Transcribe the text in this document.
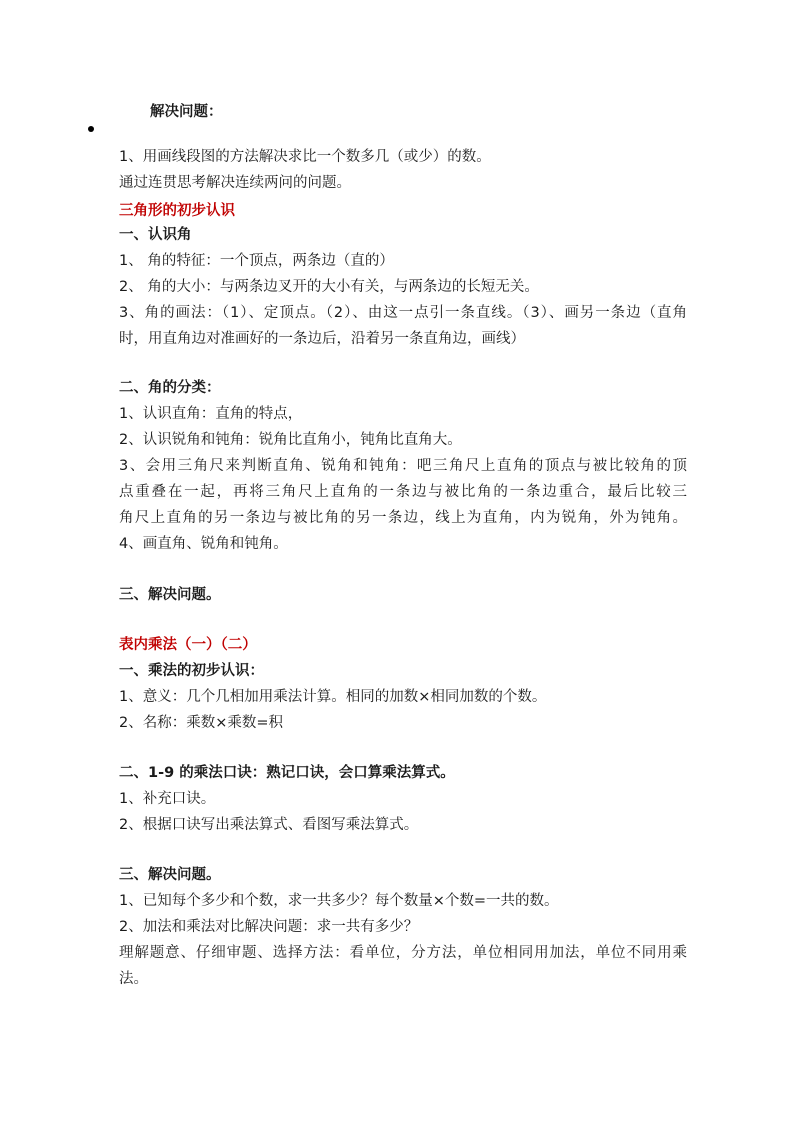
解决问题：
1、用画线段图的方法解决求比一个数多几（或少）的数。
通过连贯思考解决连续两问的问题。
三角形的初步认识
一、认识角
1、 角的特征：一个顶点，两条边（直的）
2、 角的大小：与两条边叉开的大小有关，与两条边的长短无关。
3、角的画法：（1）、定顶点。（2）、由这一点引一条直线。（3）、画另一条边（直角
时，用直角边对准画好的一条边后，沿着另一条直角边，画线）
二、角的分类：
1、认识直角：直角的特点，
2、认识锐角和钝角：锐角比直角小，钝角比直角大。
3、会用三角尺来判断直角、锐角和钝角：吧三角尺上直角的顶点与被比较角的顶
点重叠在一起，再将三角尺上直角的一条边与被比角的一条边重合，最后比较三
角尺上直角的另一条边与被比角的另一条边，线上为直角，内为锐角，外为钝角。
4、画直角、锐角和钝角。
三、解决问题。
表内乘法（一）（二）
一、乘法的初步认识：
1、意义：几个几相加用乘法计算。相同的加数×相同加数的个数。
2、名称：乘数×乘数=积
二、1-9 的乘法口诀：熟记口诀，会口算乘法算式。
1、补充口诀。
2、根据口诀写出乘法算式、看图写乘法算式。
三、解决问题。
1、已知每个多少和个数，求一共多少？每个数量×个数=一共的数。
2、加法和乘法对比解决问题：求一共有多少？
理解题意、仔细审题、选择方法：看单位，分方法，单位相同用加法，单位不同用乘
法。
